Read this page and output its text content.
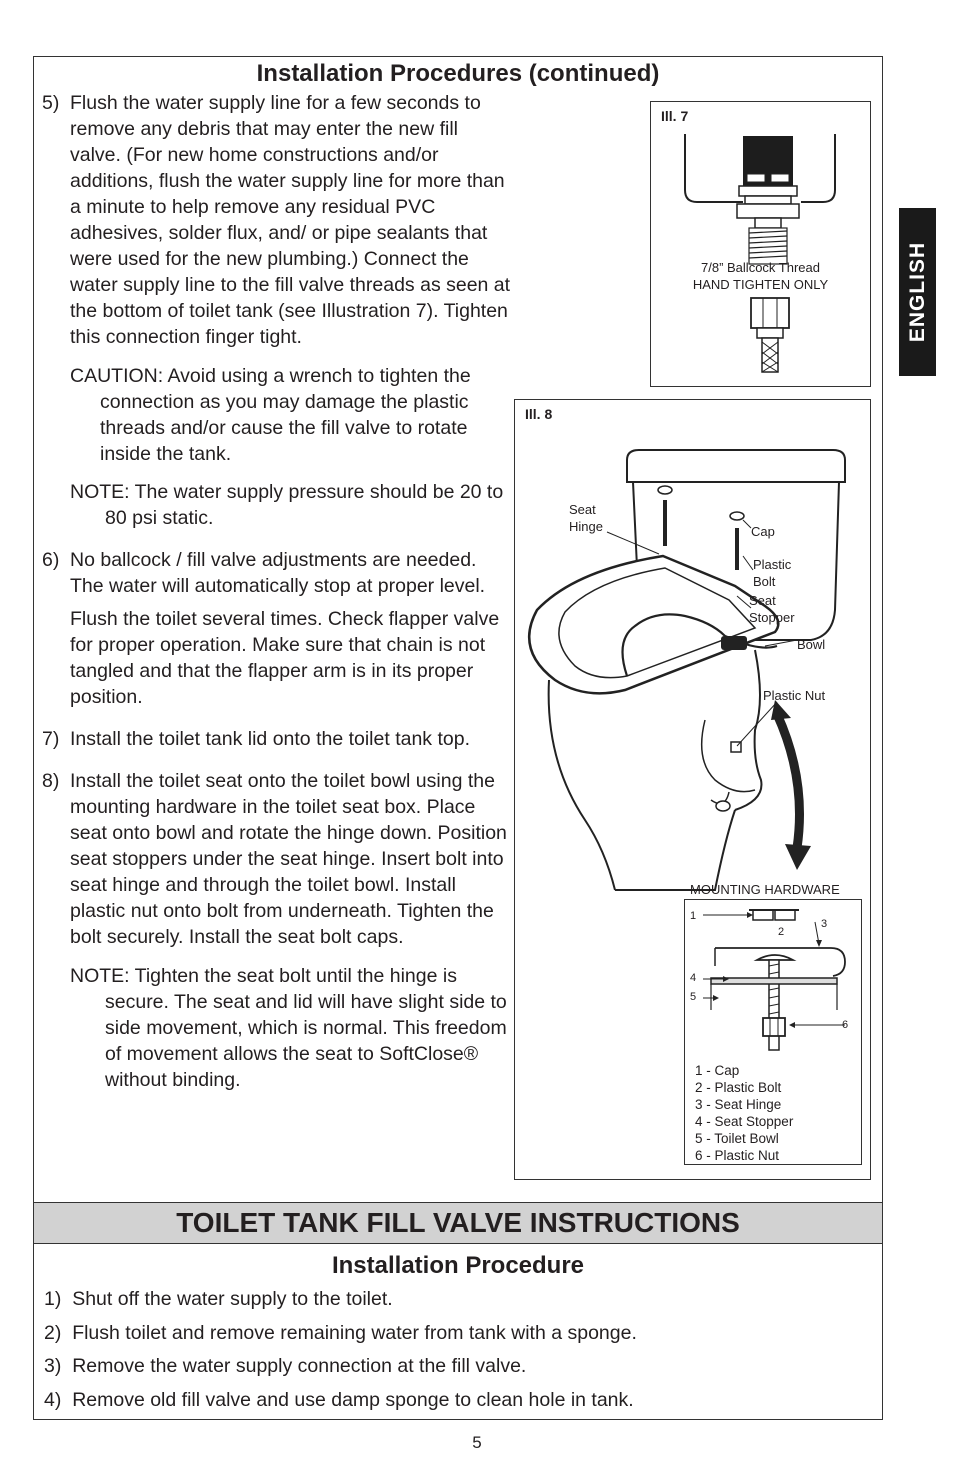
ENGLISH
Installation Procedures (continued)
5) Flush the water supply line for a few seconds to remove any debris that may enter the new fill valve. (For new home constructions and/or additions, flush the water supply line for more than a minute to help remove any residual PVC adhesives, solder flux, and/ or pipe sealants that were used for the new plumbing.) Connect the water supply line to the fill valve threads as seen at the bottom of toilet tank (see Illustration 7). Tighten this connection finger tight.

CAUTION: Avoid using a wrench to tighten the connection as you may damage the plastic threads and/or cause the fill valve to rotate inside the tank.
NOTE: The water supply pressure should be 20 to 80 psi static.
6) No ballcock / fill valve adjustments are needed. The water will automatically stop at proper level.

Flush the toilet several times. Check flapper valve for proper operation. Make sure that chain is not tangled and that the flapper arm is in its proper position.

7) Install the toilet tank lid onto the toilet tank top.

8) Install the toilet seat onto the toilet bowl using the mounting hardware in the toilet seat box. Place seat onto bowl and rotate the hinge down. Position seat stoppers under the seat hinge. Insert bolt into seat hinge and through the toilet bowl. Install plastic nut onto bolt from underneath. Tighten the bolt securely. Install the seat bolt caps.

NOTE: Tighten the seat bolt until the hinge is secure. The seat and lid will have slight side to side movement, which is normal. This freedom of movement allows the seat to SoftClose® without binding.
Ill. 7
7/8” Ballcock Thread
HAND TIGHTEN ONLY
Ill. 8
Seat
Hinge	Cap
Plastic
Bolt
Seat
Stopper
Bowl
Plastic Nut
MOUNTING HARDWARE
1
2
3
4
5
6
1 - Cap
2 - Plastic Bolt
3 - Seat Hinge
4 - Seat Stopper
5 - Toilet Bowl
6 - Plastic Nut
TOILET TANK FILL VALVE INSTRUCTIONS
Installation Procedure
1) Shut off the water supply to the toilet.
2) Flush toilet and remove remaining water from tank with a sponge.
3) Remove the water supply connection at the fill valve.
4) Remove old fill valve and use damp sponge to clean hole in tank.
5
